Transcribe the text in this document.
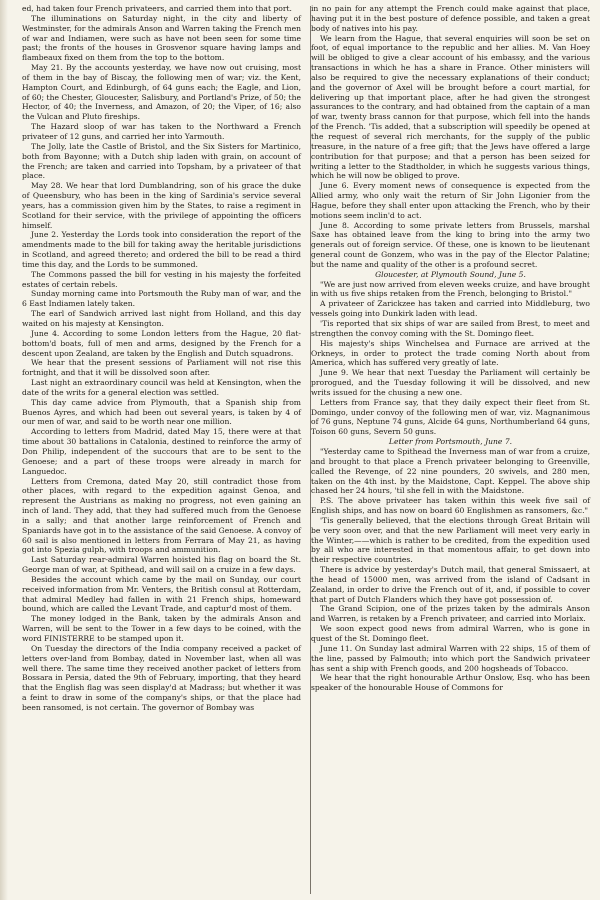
ed, had taken four French privateers, and carried them into that port.

The illuminations on Saturday night, in the city and liberty of Westminster, for the admirals Anson and Warren taking the French men of war and Indiamen, were such as have not been seen for some time past; the fronts of the houses in Grosvenor square having lamps and flambeaux fixed on them from the top to the bottom.

May 21. By the accounts yesterday, we have now out cruising, most of them in the bay of Biscay, the following men of war; viz. the Kent, Hampton Court, and Edinburgh, of 64 guns each; the Eagle, and Lion, of 60; the Chester, Gloucester, Salisbury, and Portland's Prize, of 50; the Hector, of 40; the Inverness, and Amazon, of 20; the Viper, of 16; also the Vulcan and Pluto fireships.

The Hazard sloop of war has taken to the Northward a French privateer of 12 guns, and carried her into Yarmouth.

The Jolly, late the Castle of Bristol, and the Six Sisters for Martinico, both from Bayonne; with a Dutch ship laden with grain, on account of the French; are taken and carried into Topsham, by a privateer of that place.

May 28. We hear that lord Dumblandring, son of his grace the duke of Queensbury, who has been in the king of Sardinia's service several years, has a commission given him by the States, to raise a regiment in Scotland for their service, with the privilege of appointing the officers himself.

June 2. Yesterday the Lords took into consideration the report of the amendments made to the bill for taking away the heritable jurisdictions in Scotland, and agreed thereto; and ordered the bill to be read a third time this day, and the Lords to be summoned.

The Commons passed the bill for vesting in his majesty the forfeited estates of certain rebels.

Sunday morning came into Portsmouth the Ruby man of war, and the 6 East Indiamen lately taken.

The earl of Sandwich arrived last night from Holland, and this day waited on his majesty at Kensington.

June 4. According to some London letters from the Hague, 20 flat-bottom'd boats, full of men and arms, designed by the French for a descent upon Zealand, are taken by the English and Dutch squadrons.

We hear that the present sessions of Parliament will not rise this fortnight, and that it will be dissolved soon after.

Last night an extraordinary council was held at Kensington, when the date of the writs for a general election was settled.

This day came advice from Plymouth, that a Spanish ship from Buenos Ayres, and which had been out several years, is taken by 4 of our men of war, and said to be worth near one million.

According to letters from Madrid, dated May 15, there were at that time about 30 battalions in Catalonia, destined to reinforce the army of Don Philip, independent of the succours that are to be sent to the Genoese; and a part of these troops were already in march for Languedoc.

Letters from Cremona, dated May 20, still contradict those from other places, with regard to the expedition against Genoa, and represent the Austrians as making no progress, not even gaining an inch of land. They add, that they had suffered much from the Genoese in a sally; and that another large reinforcement of French and Spaniards have got in to the assistance of the said Genoese. A convoy of 60 sail is also mentioned in letters from Ferrara of May 21, as having got into Spezia gulph, with troops and ammunition.

Last Saturday rear-admiral Warren hoisted his flag on board the St. George man of war, at Spithead, and will sail on a cruize in a few days.

Besides the account which came by the mail on Sunday, our court received information from Mr. Venters, the British consul at Rotterdam, that admiral Medley had fallen in with 21 French ships, homeward bound, which are called the Levant Trade, and captur'd most of them.

The money lodged in the Bank, taken by the admirals Anson and Warren, will be sent to the Tower in a few days to be coined, with the word FINISTERRE to be stamped upon it.

On Tuesday the directors of the India company received a packet of letters over-land from Bombay, dated in November last, when all was well there. The same time they received another packet of letters from Bossara in Persia, dated the 9th of February, importing, that they heard that the English flag was seen display'd at Madrass; but whether it was a feint to draw in some of the company's ships, or that the place had been ransomed, is not certain. The governor of Bombay was

in no pain for any attempt the French could make against that place, having put it in the best posture of defence possible, and taken a great body of natives into his pay.

We learn from the Hague, that several enquiries will soon be set on foot, of equal importance to the republic and her allies. M. Van Hoey will be obliged to give a clear account of his embassy, and the various transactions in which he has a share in France. Other ministers will also be required to give the necessary explanations of their conduct; and the governor of Axel will be brought before a court martial, for delivering up that important place, after he had given the strongest assurances to the contrary, and had obtained from the captain of a man of war, twenty brass cannon for that purpose, which fell into the hands of the French. 'Tis added, that a subscription will speedily be opened at the request of several rich merchants, for the supply of the public treasure, in the nature of a free gift; that the Jews have offered a large contribution for that purpose; and that a person has been seized for writing a letter to the Stadtholder, in which he suggests various things, which he will now be obliged to prove.

June 6. Every moment news of consequence is expected from the Allied army, who only wait the return of Sir John Ligonier from the Hague, before they shall enter upon attacking the French, who by their motions seem inclin'd to act.

June 8. According to some private letters from Brussels, marshal Saxe has obtained leave from the king to bring into the army two generals out of foreign service. Of these, one is known to be lieutenant general count de Gonzem, who was in the pay of the Elector Palatine; but the name and quality of the other is a profound secret.

Gloucester, at Plymouth Sound, June 5.

"We are just now arrived from eleven weeks cruize, and have brought in with us five ships retaken from the French, belonging to Bristol."

A privateer of Zarickzee has taken and carried into Middleburg, two vessels going into Dunkirk laden with lead.

'Tis reported that six ships of war are sailed from Brest, to meet and strengthen the convoy coming with the St. Domingo fleet.

His majesty's ships Winchelsea and Furnace are arrived at the Orkneys, in order to protect the trade coming North about from America, which has suffered very greatly of late.

June 9. We hear that next Tuesday the Parliament will certainly be prorogued, and the Tuesday following it will be dissolved, and new writs issued for the chusing a new one.

Letters from France say, that they daily expect their fleet from St. Domingo, under convoy of the following men of war, viz. Magnanimous of 76 guns, Neptune 74 guns, Alcide 64 guns, Northumberland 64 guns, Toison 60 guns, Severn 50 guns.

Letter from Portsmouth, June 7.

"Yesterday came to Spithead the Inverness man of war from a cruize, and brought to that place a French privateer belonging to Greenville, called the Revenge, of 22 nine pounders, 20 swivels, and 280 men, taken on the 4th inst. by the Maidstone, Capt. Keppel. The above ship chased her 24 hours, 'til she fell in with the Maidstone.

P.S. The above privateer has taken within this week five sail of English ships, and has now on board 60 Englishmen as ransomers, &c."

'Tis generally believed, that the elections through Great Britain will be very soon over, and that the new Parliament will meet very early in the Winter,——which is rather to be credited, from the expedition used by all who are interested in that momentous affair, to get down into their respective countries.

There is advice by yesterday's Dutch mail, that general Smissaert, at the head of 15000 men, was arrived from the island of Cadsant in Zealand, in order to drive the French out of it, and, if possible to cover that part of Dutch Flanders which they have got possession of.

The Grand Scipion, one of the prizes taken by the admirals Anson and Warren, is retaken by a French privateer, and carried into Morlaix.

We soon expect good news from admiral Warren, who is gone in quest of the St. Domingo fleet.

June 11. On Sunday last admiral Warren with 22 ships, 15 of them of the line, passed by Falmouth; into which port the Sandwich privateer has sent a ship with French goods, and 200 hogsheads of Tobacco.

We hear that the right honourable Arthur Onslow, Esq. who has been speaker of the honourable House of Commons for
